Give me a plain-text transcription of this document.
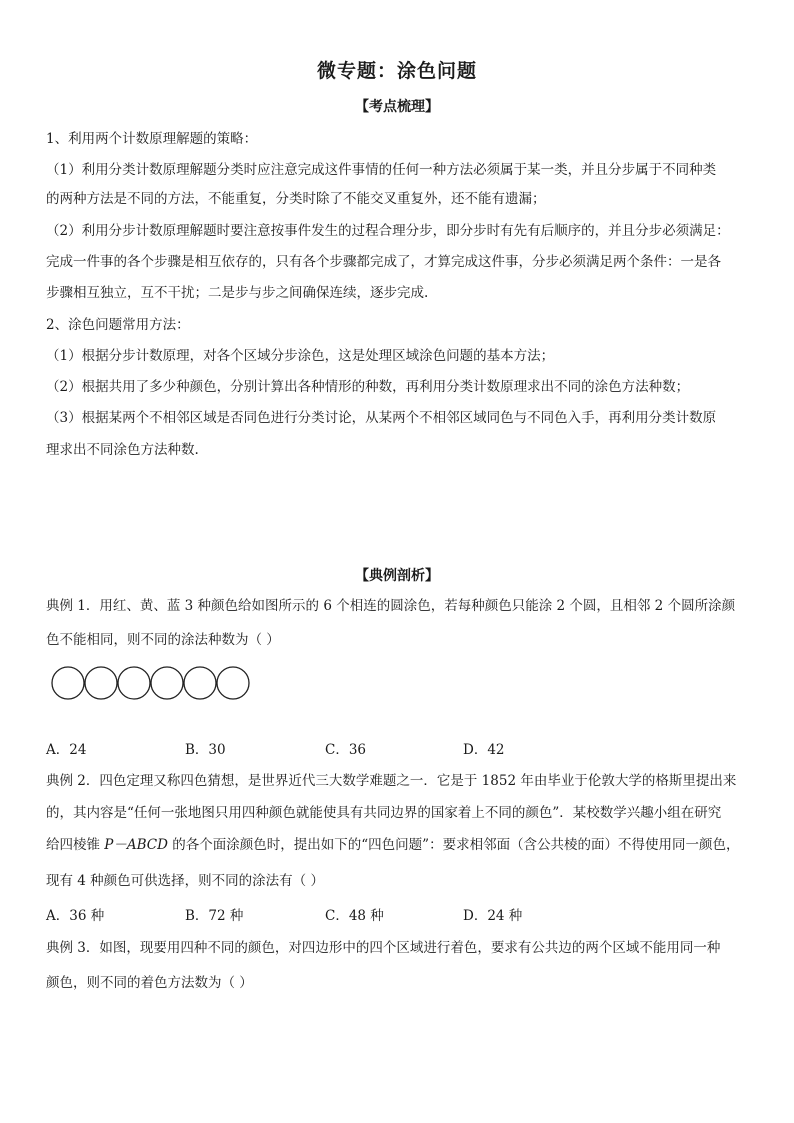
微专题：涂色问题
【考点梳理】
1、利用两个计数原理解题的策略：
（1）利用分类计数原理解题分类时应注意完成这件事情的任何一种方法必须属于某一类，并且分步属于不同种类
的两种方法是不同的方法，不能重复，分类时除了不能交叉重复外，还不能有遗漏；
（2）利用分步计数原理解题时要注意按事件发生的过程合理分步，即分步时有先有后顺序的，并且分步必须满足：
完成一件事的各个步骤是相互依存的，只有各个步骤都完成了，才算完成这件事，分步必须满足两个条件：一是各
步骤相互独立，互不干扰；二是步与步之间确保连续，逐步完成.
2、涂色问题常用方法：
（1）根据分步计数原理，对各个区域分步涂色，这是处理区域涂色问题的基本方法；
（2）根据共用了多少种颜色，分别计算出各种情形的种数，再利用分类计数原理求出不同的涂色方法种数；
（3）根据某两个不相邻区域是否同色进行分类讨论，从某两个不相邻区域同色与不同色入手，再利用分类计数原
理求出不同涂色方法种数.
【典例剖析】
典例 1．用红、黄、蓝 3 种颜色给如图所示的 6 个相连的圆涂色，若每种颜色只能涂 2 个圆，且相邻 2 个圆所涂颜
色不能相同，则不同的涂法种数为（ ）
A．24	B．30	C．36	D．42
典例 2．四色定理又称四色猜想，是世界近代三大数学难题之一．它是于 1852 年由毕业于伦敦大学的格斯里提出来
的，其内容是“任何一张地图只用四种颜色就能使具有共同边界的国家着上不同的颜色”．某校数学兴趣小组在研究
给四棱锥 P－ABCD 的各个面涂颜色时，提出如下的“四色问题”：要求相邻面（含公共棱的面）不得使用同一颜色，
现有 4 种颜色可供选择，则不同的涂法有（ ）
A．36 种	B．72 种	C．48 种	D．24 种
典例 3．如图，现要用四种不同的颜色，对四边形中的四个区域进行着色，要求有公共边的两个区域不能用同一种
颜色，则不同的着色方法数为（ ）
